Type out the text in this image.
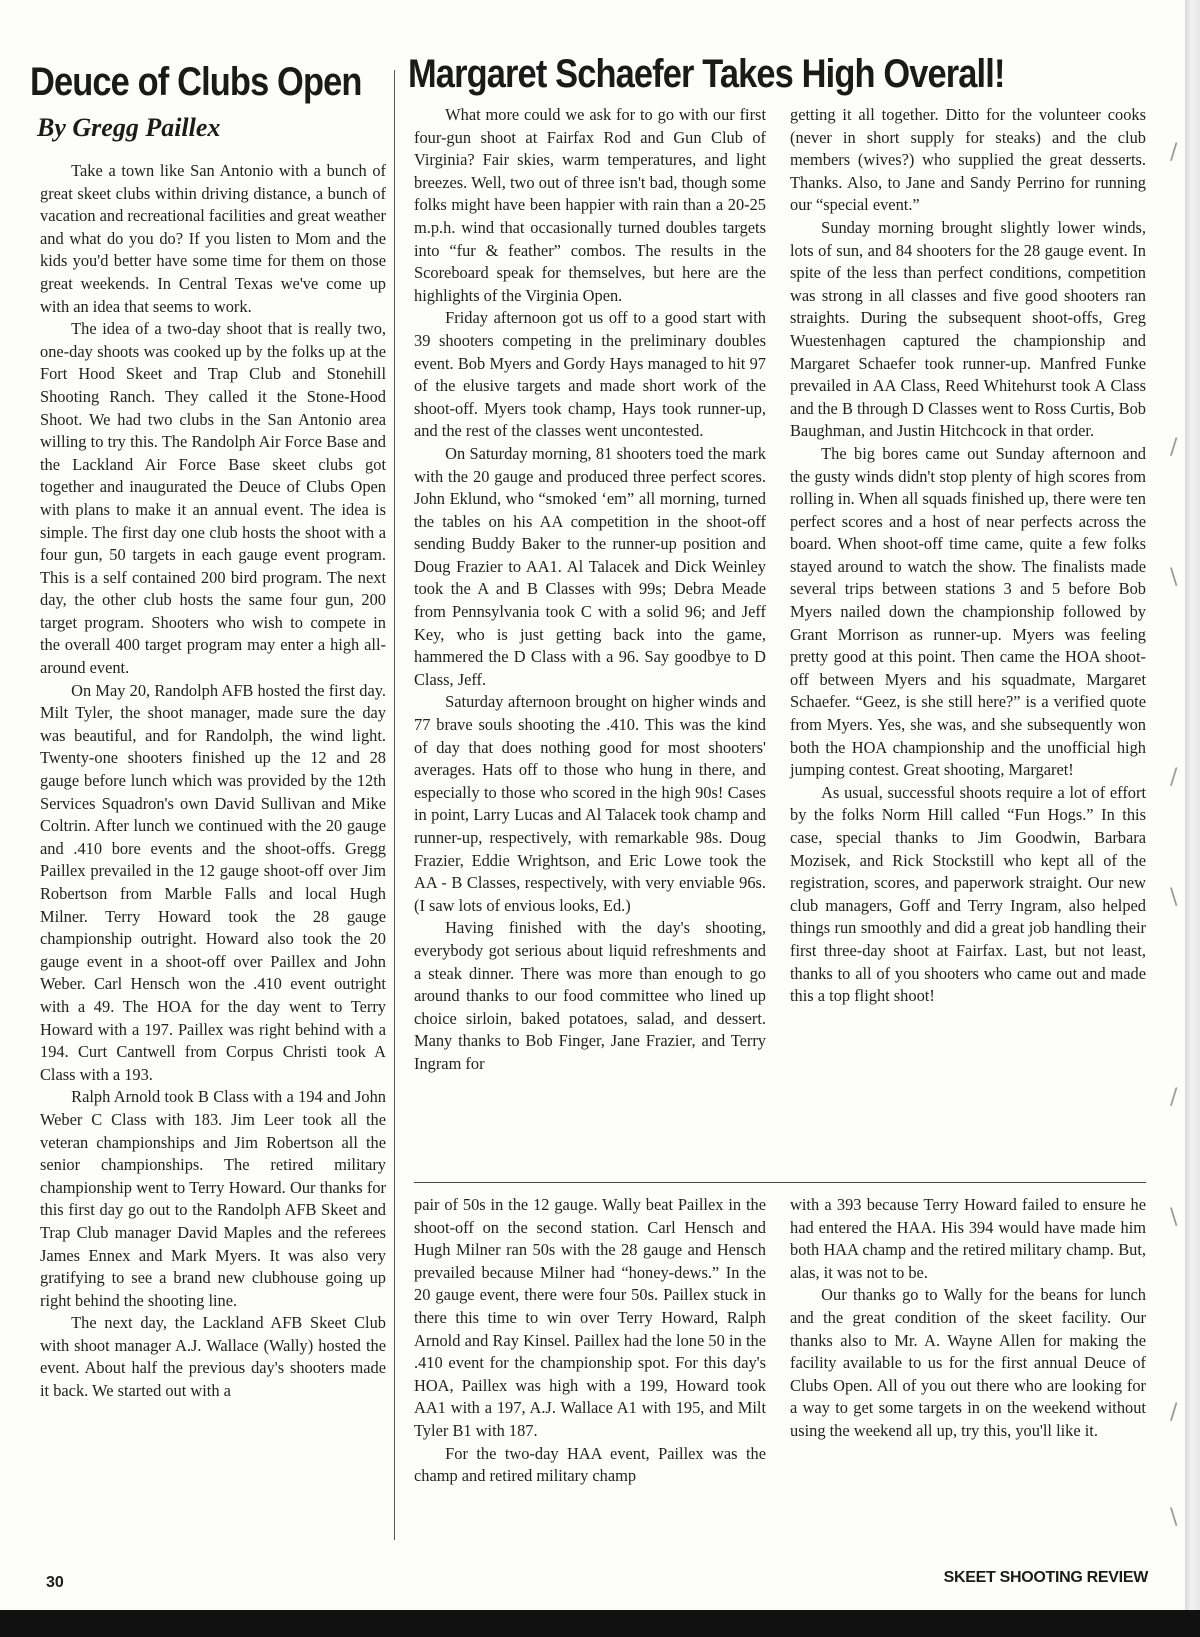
/
/
\
/
\
/
\
/
\
Deuce of Clubs Open
By Gregg Paillex
Margaret Schaefer Takes High Overall!

Take a town like San Antonio with a bunch of great skeet clubs within driving distance, a bunch of vacation and recreational facilities and great weather and what do you do? If you listen to Mom and the kids you'd better have some time for them on those great weekends. In Central Texas we've come up with an idea that seems to work.

The idea of a two-day shoot that is really two, one-day shoots was cooked up by the folks up at the Fort Hood Skeet and Trap Club and Stonehill Shooting Ranch. They called it the Stone-Hood Shoot. We had two clubs in the San Antonio area willing to try this. The Randolph Air Force Base and the Lackland Air Force Base skeet clubs got together and inaugurated the Deuce of Clubs Open with plans to make it an annual event. The idea is simple. The first day one club hosts the shoot with a four gun, 50 targets in each gauge event program. This is a self contained 200 bird program. The next day, the other club hosts the same four gun, 200 target program. Shooters who wish to compete in the overall 400 target program may enter a high all-around event.

On May 20, Randolph AFB hosted the first day. Milt Tyler, the shoot manager, made sure the day was beautiful, and for Randolph, the wind light. Twenty-one shooters finished up the 12 and 28 gauge before lunch which was provided by the 12th Services Squadron's own David Sullivan and Mike Coltrin. After lunch we continued with the 20 gauge and .410 bore events and the shoot-offs. Gregg Paillex prevailed in the 12 gauge shoot-off over Jim Robertson from Marble Falls and local Hugh Milner. Terry Howard took the 28 gauge championship outright. Howard also took the 20 gauge event in a shoot-off over Paillex and John Weber. Carl Hensch won the .410 event outright with a 49. The HOA for the day went to Terry Howard with a 197. Paillex was right behind with a 194. Curt Cantwell from Corpus Christi took A Class with a 193.

Ralph Arnold took B Class with a 194 and John Weber C Class with 183. Jim Leer took all the veteran championships and Jim Robertson all the senior championships. The retired military championship went to Terry Howard. Our thanks for this first day go out to the Randolph AFB Skeet and Trap Club manager David Maples and the referees James Ennex and Mark Myers. It was also very gratifying to see a brand new clubhouse going up right behind the shooting line.

The next day, the Lackland AFB Skeet Club with shoot manager A.J. Wallace (Wally) hosted the event. About half the previous day's shooters made it back. We started out with a

What more could we ask for to go with our first four-gun shoot at Fairfax Rod and Gun Club of Virginia? Fair skies, warm temperatures, and light breezes. Well, two out of three isn't bad, though some folks might have been happier with rain than a 20-25 m.p.h. wind that occasionally turned doubles targets into “fur & feather” combos. The results in the Scoreboard speak for themselves, but here are the highlights of the Virginia Open.

Friday afternoon got us off to a good start with 39 shooters competing in the preliminary doubles event. Bob Myers and Gordy Hays managed to hit 97 of the elusive targets and made short work of the shoot-off. Myers took champ, Hays took runner-up, and the rest of the classes went uncontested.

On Saturday morning, 81 shooters toed the mark with the 20 gauge and produced three perfect scores. John Eklund, who “smoked ‘em” all morning, turned the tables on his AA competition in the shoot-off sending Buddy Baker to the runner-up position and Doug Frazier to AA1. Al Talacek and Dick Weinley took the A and B Classes with 99s; Debra Meade from Pennsylvania took C with a solid 96; and Jeff Key, who is just getting back into the game, hammered the D Class with a 96. Say goodbye to D Class, Jeff.

Saturday afternoon brought on higher winds and 77 brave souls shooting the .410. This was the kind of day that does nothing good for most shooters' averages. Hats off to those who hung in there, and especially to those who scored in the high 90s! Cases in point, Larry Lucas and Al Talacek took champ and runner-up, respectively, with remarkable 98s. Doug Frazier, Eddie Wrightson, and Eric Lowe took the AA - B Classes, respectively, with very enviable 96s. (I saw lots of envious looks, Ed.)

Having finished with the day's shooting, everybody got serious about liquid refreshments and a steak dinner. There was more than enough to go around thanks to our food committee who lined up choice sirloin, baked potatoes, salad, and dessert. Many thanks to Bob Finger, Jane Frazier, and Terry Ingram for

getting it all together. Ditto for the volunteer cooks (never in short supply for steaks) and the club members (wives?) who supplied the great desserts. Thanks. Also, to Jane and Sandy Perrino for running our “special event.”

Sunday morning brought slightly lower winds, lots of sun, and 84 shooters for the 28 gauge event. In spite of the less than perfect conditions, competition was strong in all classes and five good shooters ran straights. During the subsequent shoot-offs, Greg Wuestenhagen captured the championship and Margaret Schaefer took runner-up. Manfred Funke prevailed in AA Class, Reed Whitehurst took A Class and the B through D Classes went to Ross Curtis, Bob Baughman, and Justin Hitchcock in that order.

The big bores came out Sunday afternoon and the gusty winds didn't stop plenty of high scores from rolling in. When all squads finished up, there were ten perfect scores and a host of near perfects across the board. When shoot-off time came, quite a few folks stayed around to watch the show. The finalists made several trips between stations 3 and 5 before Bob Myers nailed down the championship followed by Grant Morrison as runner-up. Myers was feeling pretty good at this point. Then came the HOA shoot-off between Myers and his squadmate, Margaret Schaefer. “Geez, is she still here?” is a verified quote from Myers. Yes, she was, and she subsequently won both the HOA championship and the unofficial high jumping contest. Great shooting, Margaret!

As usual, successful shoots require a lot of effort by the folks Norm Hill called “Fun Hogs.” In this case, special thanks to Jim Goodwin, Barbara Mozisek, and Rick Stockstill who kept all of the registration, scores, and paperwork straight. Our new club managers, Goff and Terry Ingram, also helped things run smoothly and did a great job handling their first three-day shoot at Fairfax. Last, but not least, thanks to all of you shooters who came out and made this a top flight shoot!

pair of 50s in the 12 gauge. Wally beat Paillex in the shoot-off on the second station. Carl Hensch and Hugh Milner ran 50s with the 28 gauge and Hensch prevailed because Milner had “honey-dews.” In the 20 gauge event, there were four 50s. Paillex stuck in there this time to win over Terry Howard, Ralph Arnold and Ray Kinsel. Paillex had the lone 50 in the .410 event for the championship spot. For this day's HOA, Paillex was high with a 199, Howard took AA1 with a 197, A.J. Wallace A1 with 195, and Milt Tyler B1 with 187.

For the two-day HAA event, Paillex was the champ and retired military champ

with a 393 because Terry Howard failed to ensure he had entered the HAA. His 394 would have made him both HAA champ and the retired military champ. But, alas, it was not to be.

Our thanks go to Wally for the beans for lunch and the great condition of the skeet facility. Our thanks also to Mr. A. Wayne Allen for making the facility available to us for the first annual Deuce of Clubs Open. All of you out there who are looking for a way to get some targets in on the weekend without using the weekend all up, try this, you'll like it.

30	SKEET SHOOTING REVIEW
